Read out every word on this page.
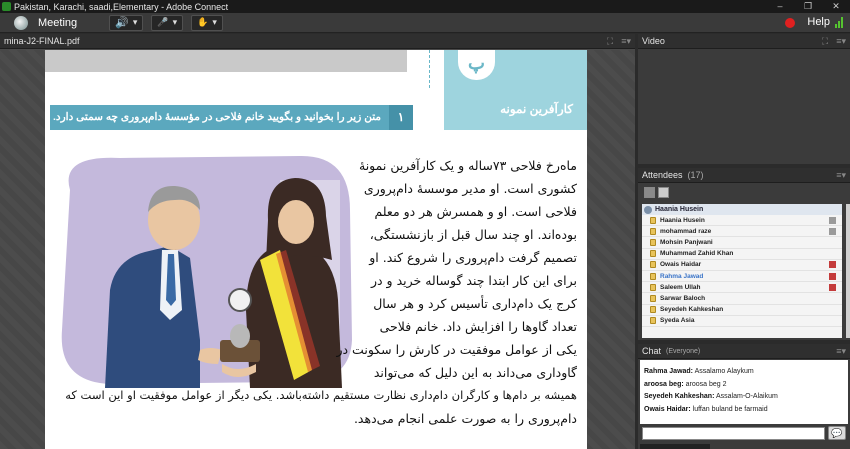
Pakistan, Karachi, saadi,Elementary - Adobe Connect	–	❐	✕
Meeting	🔊 ▾ 🎤 ▾ ✋ ▾	Help
mina-J2-FINAL.pdf	⛶ ≡▾
پ
کارآفرین نمونه
۱
متن زیر را بخوانید و بگویید خانم فلاحی در مؤسسهٔ دام‌پروری چه سمتی دارد.
ماه‌رخ فلاحی ۷۳ساله و یک کارآفرین نمونهٔ
کشوری است. او مدیر موسسهٔ دام‌پروری
فلاحی است. او و همسرش هر دو معلم
بوده‌اند. او چند سال قبل از بازنشستگی،
تصمیم گرفت دام‌پروری را شروع کند. او
برای این کار ابتدا چند گوساله خرید و در
کرج یک دام‌داری تأسیس کرد و هر سال
تعداد گاوها را افزایش داد. خانم فلاحی
یکی از عوامل موفقیت در کارش را سکونت در
گاوداری می‌داند به این دلیل که می‌تواند
همیشه بر دام‌ها و کارگران دام‌داری نظارت مستقیم داشته‌باشد. یکی دیگر از عوامل موفقیت او این است که
دام‌پروری را به صورت علمی انجام می‌دهد.
Video	⛶ ≡▾
Attendees (17)	≡▾
Haania Husein
Haania Husein
mohammad raze
Mohsin Panjwani
Muhammad Zahid Khan
Owais Haidar
Rahma Jawad
Saleem Ullah
Sarwar Baloch
Seyedeh Kahkeshan
Syeda Asia
Chat (Everyone)	≡▾
Rahma Jawad: Assalamo Alaykum
aroosa beg: aroosa beg 2
Seyedeh Kahkeshan: Assalam-O-Alaikum
Owais Haidar: luffan buland be farmaid
💬
